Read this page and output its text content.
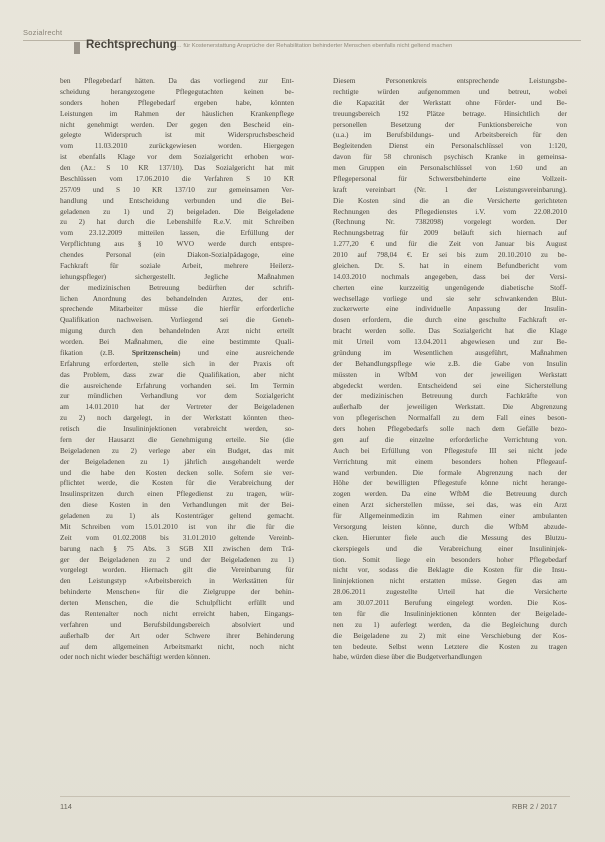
Sozialrecht
Rechtsprechung … für Kostenerstattung Ansprüche der Rehabilitation behinderter Menschen ebenfalls nicht geltend machen
ben Pflegebedarf hätten. Da das vorliegend zur Ent-
scheidung herangezogene Pflegegutachten keinen be-
sonders hohen Pflegebedarf ergeben habe, könnten
Leistungen im Rahmen der häuslichen Krankenpflege
nicht genehmigt werden. Der gegen den Bescheid ein-
gelegte Widerspruch ist mit Widerspruchsbescheid
vom 11.03.2010 zurückgewiesen worden. Hiergegen
ist ebenfalls Klage vor dem Sozialgericht erhoben wor-
den (Az.: S 10 KR 137/10). Das Sozialgericht hat mit
Beschlüssen vom 17.06.2010 die Verfahren S 10 KR
257/09 und S 10 KR 137/10 zur gemeinsamen Ver-
handlung und Entscheidung verbunden und die Bei-
geladenen zu 1) und 2) beigeladen. Die Beigeladene
zu 2) hat durch die Lebenshilfe R.e.V. mit Schreiben
vom 23.12.2009 mitteilen lassen, die Erfüllung der
Verpflichtung aus § 10 WVO werde durch entspre-
chendes Personal (ein Diakon-Sozialpädagoge, eine
Fachkraft für soziale Arbeit, mehrere Heilerz-
iehungspfleger) sichergestellt. Jegliche Maßnahmen
der medizinischen Betreuung bedürften der schrift-
lichen Anordnung des behandelnden Arztes, der ent-
sprechende Mitarbeiter müsse die hierfür erforderliche
Qualifikation nachweisen. Vorliegend sei die Geneh-
migung durch den behandelnden Arzt nicht erteilt
worden. Bei Maßnahmen, die eine bestimmte Quali-
fikation (z.B. Spritzenschein) und eine ausreichende
Erfahrung erforderten, stelle sich in der Praxis oft
das Problem, dass zwar die Qualifikation, aber nicht
die ausreichende Erfahrung vorhanden sei. Im Termin
zur mündlichen Verhandlung vor dem Sozialgericht
am 14.01.2010 hat der Vertreter der Beigeladenen
zu 2) noch dargelegt, in der Werkstatt könnten theo-
retisch die Insulininjektionen verabreicht werden, so-
fern der Hausarzt die Genehmigung erteile. Sie (die
Beigeladenen zu 2) verlege aber ein Budget, das mit
der Beigeladenen zu 1) jährlich ausgehandelt werde
und die habe den Kosten decken solle. Sofern sie ver-
pflichtet werde, die Kosten für die Verabreichung der
Insulinspritzen durch einen Pflegedienst zu tragen, wür-
den diese Kosten in den Verhandlungen mit der Bei-
geladenen zu 1) als Kostenträger geltend gemacht.
Mit Schreiben vom 15.01.2010 ist von ihr die für die
Zeit vom 01.02.2008 bis 31.01.2010 geltende Vereinb-
barung nach § 75 Abs. 3 SGB XII zwischen dem Trä-
ger der Beigeladenen zu 2 und der Beigeladenen zu 1)
vorgelegt worden. Hiernach gilt die Vereinbarung für
den Leistungstyp »Arbeitsbereich in Werkstätten für
behinderte Menschen« für die Zielgruppe der behin-
derten Menschen, die die Schulpflicht erfüllt und
das Rentenalter noch nicht erreicht haben, Eingangs-
verfahren und Berufsbildungsbereich absolviert und
außerhalb der Art oder Schwere ihrer Behinderung
auf dem allgemeinen Arbeitsmarkt nicht, noch nicht
oder noch nicht wieder beschäftigt werden können.
Diesem Personenkreis entsprechende Leistungsbe-
rechtigte würden aufgenommen und betreut, wobei
die Kapazität der Werkstatt ohne Förder- und Be-
treuungsbereich 192 Plätze betrage. Hinsichtlich der
personellen Besetzung der Funktionsbereiche von
(u.a.) im Berufsbildungs- und Arbeitsbereich für den
Begleitenden Dienst ein Personalschlüssel von 1:120,
davon für 58 chronisch psychisch Kranke in gemeinsa-
men Gruppen ein Personalschlüssel von 1:60 und an
Pflegepersonal für Schwerstbehinderte eine Vollzeit-
kraft vereinbart (Nr. 1 der Leistungsvereinbarung).
Die Kosten sind die an die Versicherte gerichteten
Rechnungen des Pflegedienstes i.V. vom 22.08.2010
(Rechnung Nr. 7382098) vorgelegt worden. Der
Rechnungsbetrag für 2009 beläuft sich hiernach auf
1.277,20 € und für die Zeit von Januar bis August
2010 auf 798,04 €. Er sei bis zum 20.10.2010 zu be-
gleichen. Dr. S. hat in einem Befundbericht vom
14.03.2010 nochmals angegeben, dass bei der Versi-
cherten eine kurzzeitig ungenügende diabetische Stoff-
wechsellage vorliege und sie sehr schwankenden Blut-
zuckerwerte eine individuelle Anpassung der Insulin-
dosen erfordern, die durch eine geschulte Fachkraft er-
bracht werden solle. Das Sozialgericht hat die Klage
mit Urteil vom 13.04.2011 abgewiesen und zur Be-
gründung im Wesentlichen ausgeführt, Maßnahmen
der Behandlungspflege wie z.B. die Gabe von Insulin
müssten in WfbM von der jeweiligen Werkstatt
abgedeckt werden. Entscheidend sei eine Sicherstellung
der medizinischen Betreuung durch Fachkräfte von
außerhalb der jeweiligen Werkstatt. Die Abgrenzung
von pflegerischen Normalfall zu dem Fall eines beson-
ders hohen Pflegebedarfs solle nach dem Gefälle bezo-
gen auf die einzelne erforderliche Verrichtung von.
Auch bei Erfüllung von Pflegestufe III sei nicht jede
Verrichtung mit einem besonders hohen Pflegeauf-
wand verbunden. Die formale Abgrenzung nach der
Höhe der bewilligten Pflegestufe könne nicht herange-
zogen werden. Da eine WfbM die Betreuung durch
einen Arzt sicherstellen müsse, sei das, was ein Arzt
für Allgemeinmedizin im Rahmen einer ambulanten
Versorgung leisten könne, durch die WfbM abzude-
cken. Hierunter fiele auch die Messung des Blutzu-
ckerspiegels und die Verabreichung einer Insulininjek-
tion. Somit liege ein besonders hoher Pflegebedarf
nicht vor, sodass die Beklagte die Kosten für die Insu-
lininjektionen nicht erstatten müsse. Gegen das am
28.06.2011 zugestellte Urteil hat die Versicherte
am 30.07.2011 Berufung eingelegt worden. Die Kos-
ten für die Insulininjektionen könnten der Beigelade-
nen zu 1) auferlegt werden, da die Begleichung durch
die Beigeladene zu 2) mit eine Verschiebung der Kos-
ten bedeute. Selbst wenn Letztere die Kosten zu tragen
habe, würden diese über die Budgetverhandlungen
114	RBR 2 / 2017
